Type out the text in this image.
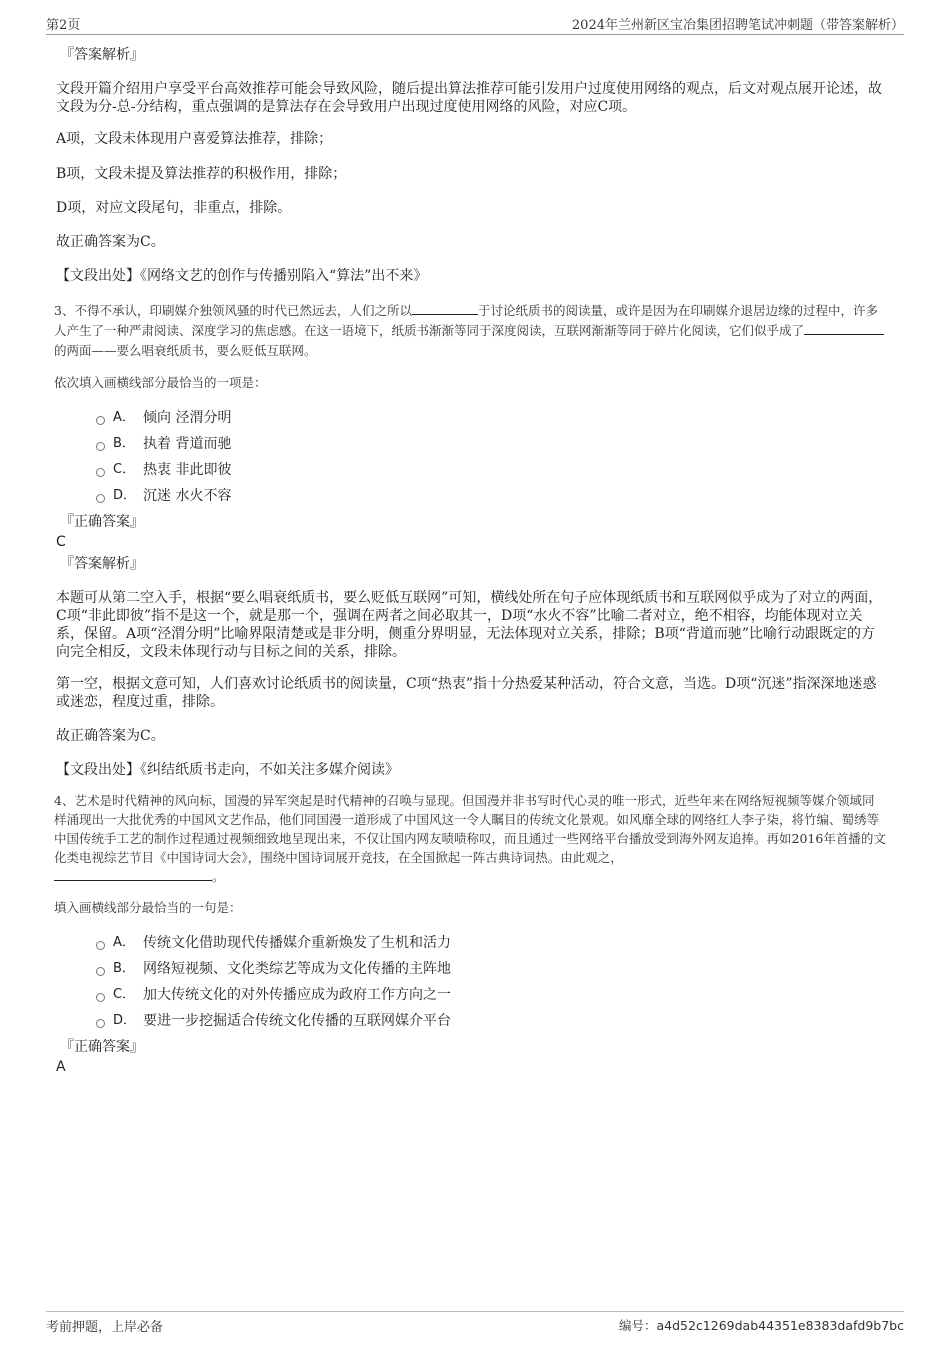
第2页	2024年兰州新区宝冶集团招聘笔试冲刺题（带答案解析）

『答案解析』

文段开篇介绍用户享受平台高效推荐可能会导致风险，随后提出算法推荐可能引发用户过度使用网络的观点，后文对观点展开论述，故文段为分-总-分结构，重点强调的是算法存在会导致用户出现过度使用网络的风险，对应C项。

A项，文段未体现用户喜爱算法推荐，排除；

B项，文段未提及算法推荐的积极作用，排除；

D项，对应文段尾句，非重点，排除。

故正确答案为C。

【文段出处】《网络文艺的创作与传播别陷入“算法”出不来》

3、不得不承认，印刷媒介独领风骚的时代已然远去，人们之所以	于讨论纸质书的阅读量，或许是因为在印刷媒介退居边缘的过程中，许多人产生了一种严肃阅读、深度学习的焦虑感。在这一语境下，纸质书渐渐等同于深度阅读，互联网渐渐等同于碎片化阅读，它们似乎成了的两面——要么唱衰纸质书，要么贬低互联网。

依次填入画横线部分最恰当的一项是：

A． 倾向 泾渭分明
B． 执着 背道而驰
C． 热衷 非此即彼
D． 沉迷 水火不容

『正确答案』

C

『答案解析』

本题可从第二空入手，根据“要么唱衰纸质书，要么贬低互联网”可知，横线处所在句子应体现纸质书和互联网似乎成为了对立的两面，C项“非此即彼”指不是这一个，就是那一个，强调在两者之间必取其一，D项“水火不容”比喻二者对立，绝不相容，均能体现对立关系，保留。A项“泾渭分明”比喻界限清楚或是非分明，侧重分界明显，无法体现对立关系，排除；B项“背道而驰”比喻行动跟既定的方向完全相反，文段未体现行动与目标之间的关系，排除。

第一空，根据文意可知，人们喜欢讨论纸质书的阅读量，C项“热衷”指十分热爱某种活动，符合文意，当选。D项“沉迷”指深深地迷惑或迷恋，程度过重，排除。

故正确答案为C。

【文段出处】《纠结纸质书走向，不如关注多媒介阅读》

4、艺术是时代精神的风向标，国漫的异军突起是时代精神的召唤与显现。但国漫并非书写时代心灵的唯一形式，近些年来在网络短视频等媒介领域同样涌现出一大批优秀的中国风文艺作品，他们同国漫一道形成了中国风这一令人瞩目的传统文化景观。如风靡全球的网络红人李子柒，将竹编、蜀绣等中国传统手工艺的制作过程通过视频细致地呈现出来，不仅让国内网友啧啧称叹，而且通过一些网络平台播放受到海外网友追捧。再如2016年首播的文化类电视综艺节目《中国诗词大会》，围绕中国诗词展开竞技，在全国掀起一阵古典诗词热。由此观之，
。

填入画横线部分最恰当的一句是：

A． 传统文化借助现代传播媒介重新焕发了生机和活力
B． 网络短视频、文化类综艺等成为文化传播的主阵地
C． 加大传统文化的对外传播应成为政府工作方向之一
D． 要进一步挖掘适合传统文化传播的互联网媒介平台

『正确答案』

A

考前押题，上岸必备	编号：a4d52c1269dab44351e8383dafd9b7bc
